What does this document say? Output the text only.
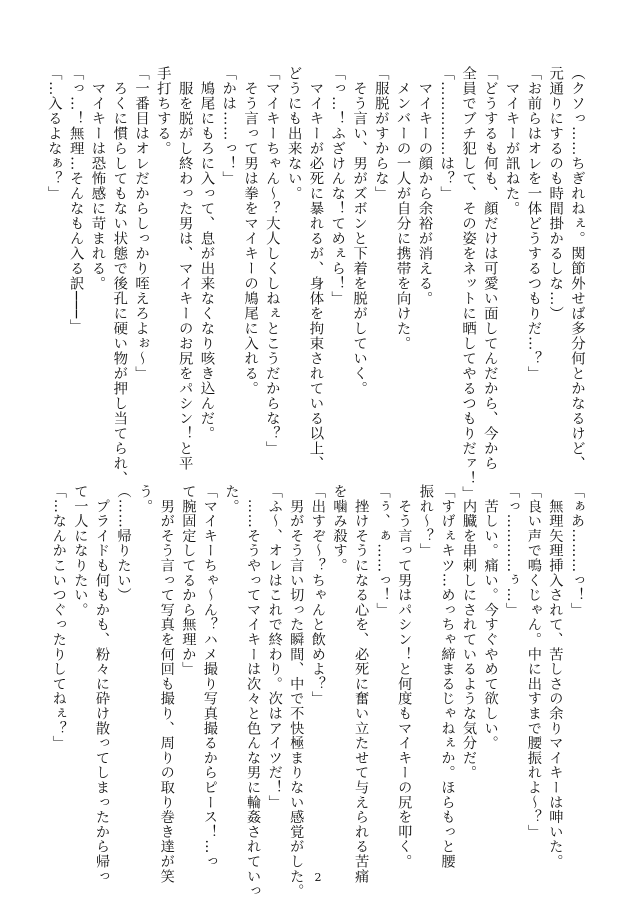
（クソっ……ちぎれねぇ。関節外せば多分何とかなるけど、

元通りにするのも時間掛かるしな…）

「お前らはオレを一体どうするつもりだ…？」

　マイキーが訊ねた。

「どうするも何も、顔だけは可愛い面してんだから、今から

全員でブチ犯して、その姿をネットに晒してやるつもりだァ！」

「……………は？」

　マイキーの顔から余裕が消える。

　メンバーの一人が自分に携帯を向けた。

「服脱がすからな」

　そう言い、男がズボンと下着を脱がしていく。

「っ…！ふざけんな！てめぇら！」

　マイキーが必死に暴れるが、身体を拘束されている以上、

どうにも出来ない。

「マイキーちゃん～？大人しくしねぇとこうだからな？」

　そう言って男は拳をマイキーの鳩尾に入れる。

「かは……っ！」

　鳩尾にもろに入って、息が出来なくなり咳き込んだ。

　服を脱がし終わった男は、マイキーのお尻をパシン！と平

手打ちする。

「一番目はオレだからしっかり咥えろよぉ～」

　ろくに慣らしてもない状態で後孔に硬い物が押し当てられ、

　マイキーは恐怖感に苛まれる。

「っ…！無理…そんなもん入る訳───」

「…入るよなぁ？」

「ぁあ………っ！」

　無理矢理挿入されて、苦しさの余りマイキーは呻いた。

「良い声で鳴くじゃん。中に出すまで腰振れよ～？」

「っ…………ぅ…」

　苦しい。痛い。今すぐやめて欲しい。

　内臓を串刺しにされているような気分だ。

「すげぇキツ…めっちゃ締まるじゃねぇか。ほらもっと腰

振れ～？」

　そう言って男はパシン！と何度もマイキーの尻を叩く。

「ぅ、ぁ……っ！」

　挫けそうになる心を、必死に奮い立たせて与えられる苦痛

を噛み殺す。

「出すぞ～？ちゃんと飲めよ？」

　男がそう言い切った瞬間、中で不快極まりない感覚がした。

「ふ～、オレはこれで終わり。次はアイツだ！」

　……そうやってマイキーは次々と色んな男に輪姦されていっ

た。

「マイキーちゃ～ん？ハメ撮り写真撮るからピース！…っ

て腕固定してるから無理か」

　男がそう言って写真を何回も撮り、周りの取り巻き達が笑

う。

（……帰りたい）

　プライドも何もかも、粉々に砕け散ってしまったから帰っ

て一人になりたい。

「…なんかこいつぐったりしてねぇ？」

2
